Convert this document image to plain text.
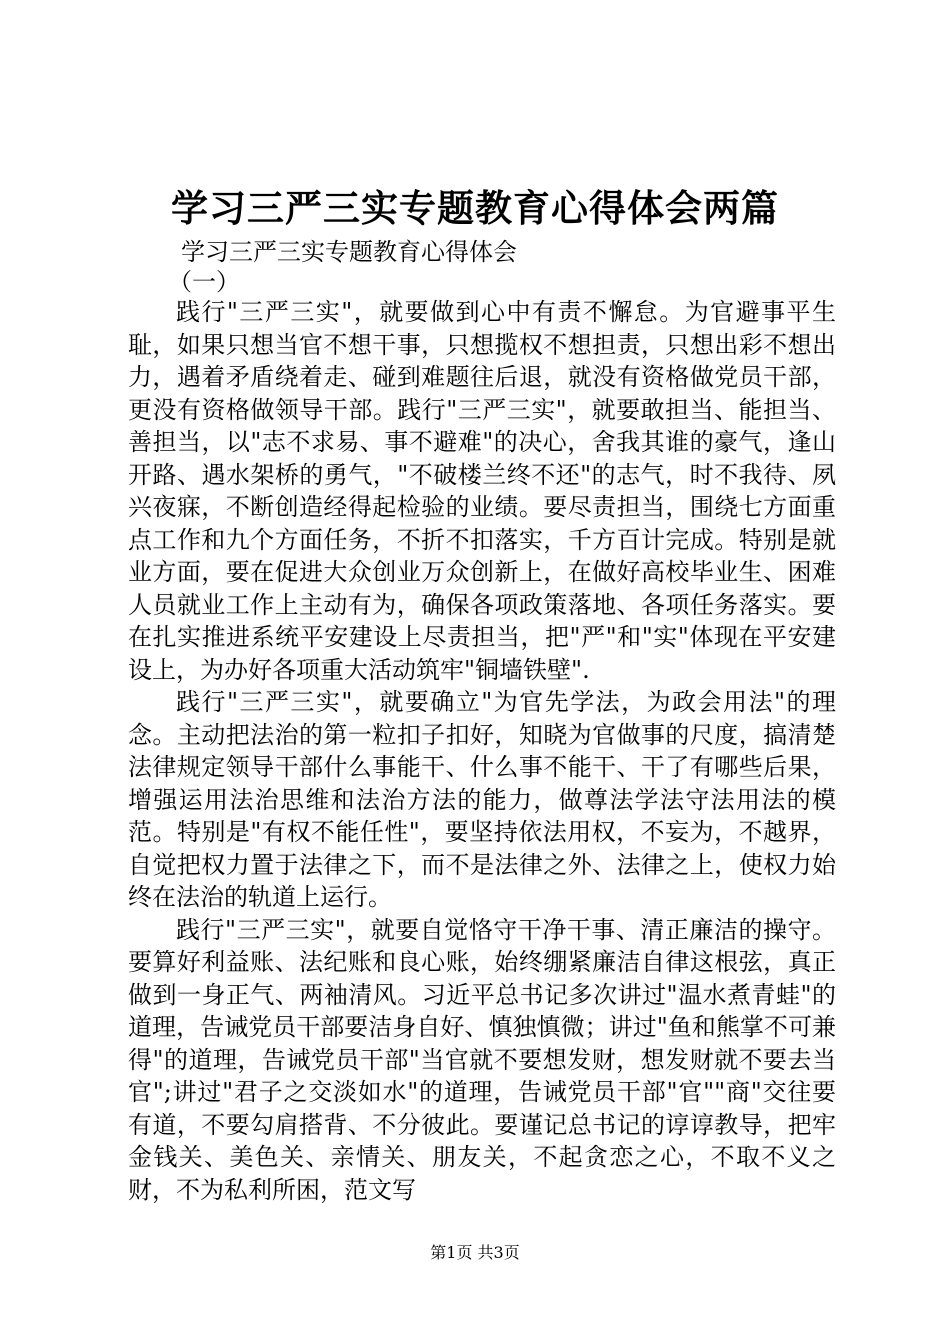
学习三严三实专题教育心得体会两篇

学习三严三实专题教育心得体会

（一）

践行"三严三实"，就要做到心中有责不懈怠。为官避事平生耻，如果只想当官不想干事，只想揽权不想担责，只想出彩不想出力，遇着矛盾绕着走、碰到难题往后退，就没有资格做党员干部，更没有资格做领导干部。践行"三严三实"，就要敢担当、能担当、善担当，以"志不求易、事不避难"的决心，舍我其谁的豪气，逢山开路、遇水架桥的勇气，"不破楼兰终不还"的志气，时不我待、夙兴夜寐，不断创造经得起检验的业绩。要尽责担当，围绕七方面重点工作和九个方面任务，不折不扣落实，千方百计完成。特别是就业方面，要在促进大众创业万众创新上，在做好高校毕业生、困难人员就业工作上主动有为，确保各项政策落地、各项任务落实。要在扎实推进系统平安建设上尽责担当，把"严"和"实"体现在平安建设上，为办好各项重大活动筑牢"铜墙铁壁".

践行"三严三实"，就要确立"为官先学法，为政会用法"的理念。主动把法治的第一粒扣子扣好，知晓为官做事的尺度，搞清楚法律规定领导干部什么事能干、什么事不能干、干了有哪些后果，增强运用法治思维和法治方法的能力，做尊法学法守法用法的模范。特别是"有权不能任性"，要坚持依法用权，不妄为，不越界，自觉把权力置于法律之下，而不是法律之外、法律之上，使权力始终在法治的轨道上运行。

践行"三严三实"，就要自觉恪守干净干事、清正廉洁的操守。要算好利益账、法纪账和良心账，始终绷紧廉洁自律这根弦，真正做到一身正气、两袖清风。习近平总书记多次讲过"温水煮青蛙"的道理，告诫党员干部要洁身自好、慎独慎微；讲过"鱼和熊掌不可兼得"的道理，告诫党员干部"当官就不要想发财，想发财就不要去当官";讲过"君子之交淡如水"的道理，告诫党员干部"官""商"交往要有道，不要勾肩搭背、不分彼此。要谨记总书记的谆谆教导，把牢金钱关、美色关、亲情关、朋友关，不起贪恋之心，不取不义之财，不为私利所困，范文写

第1页 共3页
